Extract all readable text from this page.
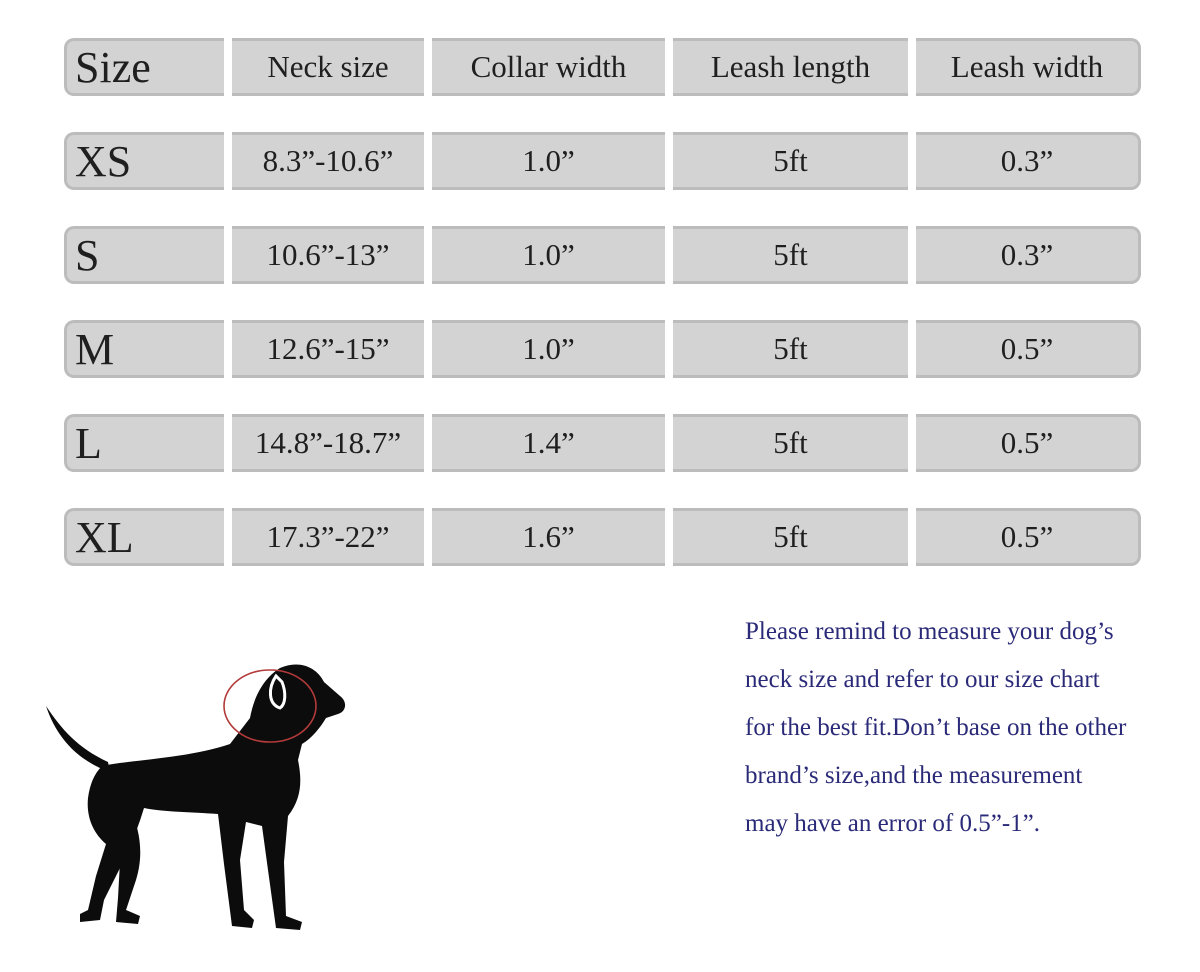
Size	Neck size	Collar width	Leash length	Leash width
XS	8.3”-10.6”	1.0”	5ft	0.3”
S	10.6”-13”	1.0”	5ft	0.3”
M	12.6”-15”	1.0”	5ft	0.5”
L	14.8”-18.7”	1.4”	5ft	0.5”
XL	17.3”-22”	1.6”	5ft	0.5”
Please remind to measure your dog’s
neck size and refer to our size chart
for the best fit.Don’t base on the other
brand’s size,and the measurement
may have an error of 0.5”-1”.
